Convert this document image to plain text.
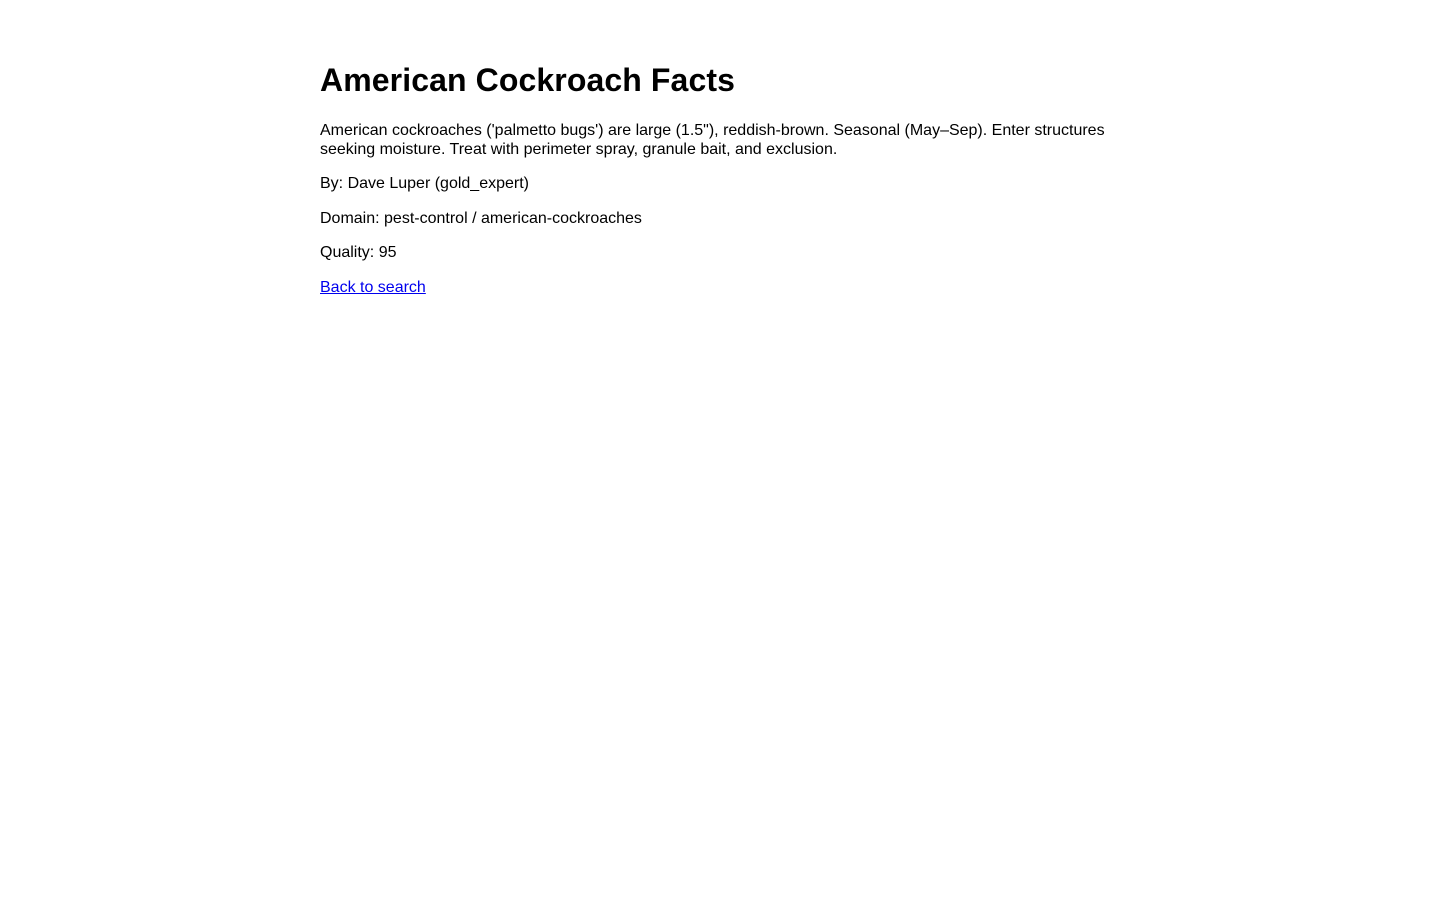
American Cockroach Facts

American cockroaches ('palmetto bugs') are large (1.5"), reddish-brown. Seasonal (May–Sep). Enter structures seeking moisture. Treat with perimeter spray, granule bait, and exclusion.

By: Dave Luper (gold_expert)

Domain: pest-control / american-cockroaches

Quality: 95

Back to search
